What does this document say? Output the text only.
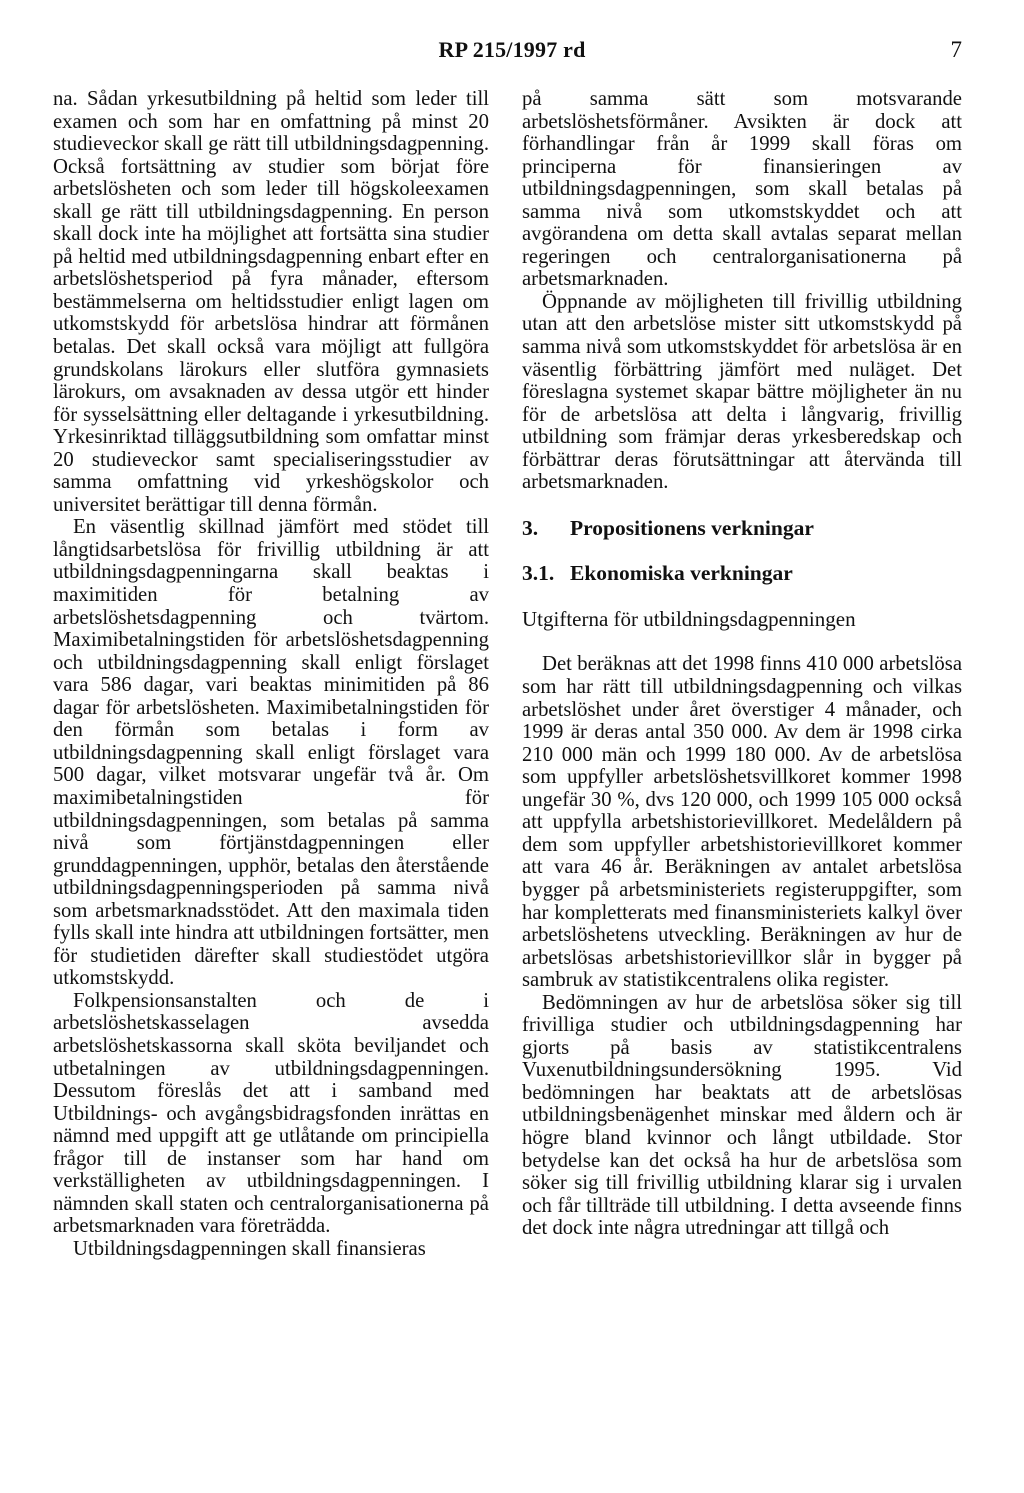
RP 215/1997 rd	7

na. Sådan yrkesutbildning på heltid som leder till examen och som har en omfattning på minst 20 studieveckor skall ge rätt till utbildningsdagpenning. Också fortsättning av studier som börjat före arbetslösheten och som leder till högskoleexamen skall ge rätt till utbildningsdagpenning. En person skall dock inte ha möjlighet att fortsätta sina studier på heltid med utbildningsdagpenning enbart efter en arbetslöshetsperiod på fyra månader, eftersom bestämmelserna om heltidsstudier enligt lagen om utkomstskydd för arbetslösa hindrar att förmånen betalas. Det skall också vara möjligt att fullgöra grundskolans lärokurs eller slutföra gymnasiets lärokurs, om avsaknaden av dessa utgör ett hinder för sysselsättning eller deltagande i yrkesutbildning. Yrkesinriktad tilläggsutbildning som omfattar minst 20 studieveckor samt specialiseringsstudier av samma omfattning vid yrkeshögskolor och universitet berättigar till denna förmån.

En väsentlig skillnad jämfört med stödet till långtidsarbetslösa för frivillig utbildning är att utbildningsdagpenningarna skall beaktas i maximitiden för betalning av arbetslöshetsdagpenning och tvärtom. Maximibetalningstiden för arbetslöshetsdagpenning och utbildningsdagpenning skall enligt förslaget vara 586 dagar, vari beaktas minimitiden på 86 dagar för arbetslösheten. Maximibetalningstiden för den förmån som betalas i form av utbildningsdagpenning skall enligt förslaget vara 500 dagar, vilket motsvarar ungefär två år. Om maximibetalningstiden för utbildningsdagpenningen, som betalas på samma nivå som förtjänstdagpenningen eller grunddagpenningen, upphör, betalas den återstående utbildningsdagpenningsperioden på samma nivå som arbetsmarknadsstödet. Att den maximala tiden fylls skall inte hindra att utbildningen fortsätter, men för studietiden därefter skall studiestödet utgöra utkomstskydd.

Folkpensionsanstalten och de i arbetslöshetskasselagen avsedda arbetslöshetskassorna skall sköta beviljandet och utbetalningen av utbildningsdagpenningen. Dessutom föreslås det att i samband med Utbildnings- och avgångsbidragsfonden inrättas en nämnd med uppgift att ge utlåtande om principiella frågor till de instanser som har hand om verkställigheten av utbildningsdagpenningen. I nämnden skall staten och centralorganisationerna på arbetsmarknaden vara företrädda.

Utbildningsdagpenningen skall finansieras

på samma sätt som motsvarande arbetslöshetsförmåner. Avsikten är dock att förhandlingar från år 1999 skall föras om principerna för finansieringen av utbildningsdagpenningen, som skall betalas på samma nivå som utkomstskyddet och att avgörandena om detta skall avtalas separat mellan regeringen och centralorganisationerna på arbetsmarknaden.

Öppnande av möjligheten till frivillig utbildning utan att den arbetslöse mister sitt utkomstskydd på samma nivå som utkomstskyddet för arbetslösa är en väsentlig förbättring jämfört med nuläget. Det föreslagna systemet skapar bättre möjligheter än nu för de arbetslösa att delta i långvarig, frivillig utbildning som främjar deras yrkesberedskap och förbättrar deras förutsättningar att återvända till arbetsmarknaden.

3. Propositionens verkningar

3.1. Ekonomiska verkningar

Utgifterna för utbildningsdagpenningen

Det beräknas att det 1998 finns 410 000 arbetslösa som har rätt till utbildningsdagpenning och vilkas arbetslöshet under året överstiger 4 månader, och 1999 är deras antal 350 000. Av dem är 1998 cirka 210 000 män och 1999 180 000. Av de arbetslösa som uppfyller arbetslöshetsvillkoret kommer 1998 ungefär 30 %, dvs 120 000, och 1999 105 000 också att uppfylla arbetshistorievillkoret. Medelåldern på dem som uppfyller arbetshistorievillkoret kommer att vara 46 år. Beräkningen av antalet arbetslösa bygger på arbetsministeriets registeruppgifter, som har kompletterats med finansministeriets kalkyl över arbetslöshetens utveckling. Beräkningen av hur de arbetslösas arbetshistorievillkor slår in bygger på sambruk av statistikcentralens olika register.

Bedömningen av hur de arbetslösa söker sig till frivilliga studier och utbildningsdagpenning har gjorts på basis av statistikcentralens Vuxenutbildningsundersökning 1995. Vid bedömningen har beaktats att de arbetslösas utbildningsbenägenhet minskar med åldern och är högre bland kvinnor och långt utbildade. Stor betydelse kan det också ha hur de arbetslösa som söker sig till frivillig utbildning klarar sig i urvalen och får tillträde till utbildning. I detta avseende finns det dock inte några utredningar att tillgå och
